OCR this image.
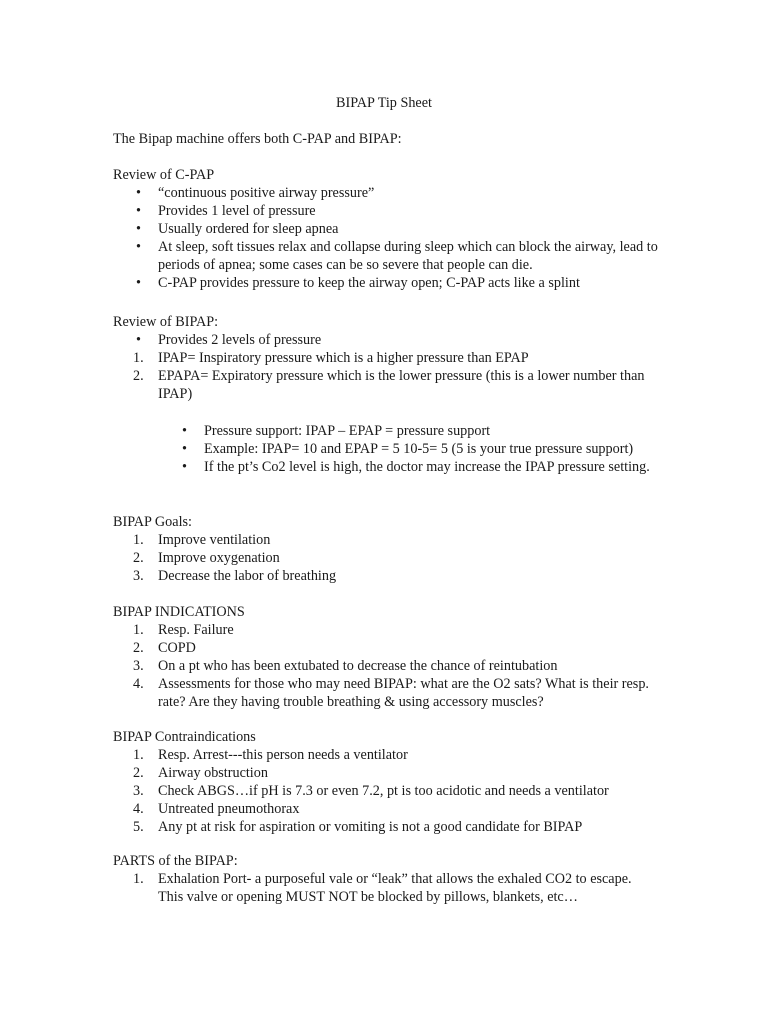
BIPAP Tip Sheet

The Bipap machine offers both C-PAP and BIPAP:

Review of C-PAP

• “continuous positive airway pressure”
• Provides 1 level of pressure
• Usually ordered for sleep apnea
• At sleep, soft tissues relax and collapse during sleep which can block the airway, lead to periods of apnea; some cases can be so severe that people can die.
• C-PAP provides pressure to keep the airway open; C-PAP acts like a splint

Review of BIPAP:

• Provides 2 levels of pressure
1. IPAP= Inspiratory pressure which is a higher pressure than EPAP
2. EPAPA= Expiratory pressure which is the lower pressure (this is a lower number than IPAP)
• Pressure support: IPAP – EPAP = pressure support
• Example: IPAP= 10 and EPAP = 5 10-5= 5 (5 is your true pressure support)
• If the pt’s Co2 level is high, the doctor may increase the IPAP pressure setting.

BIPAP Goals:

1. Improve ventilation
2. Improve oxygenation
3. Decrease the labor of breathing

BIPAP INDICATIONS

1. Resp. Failure
2. COPD
3. On a pt who has been extubated to decrease the chance of reintubation
4. Assessments for those who may need BIPAP: what are the O2 sats? What is their resp. rate? Are they having trouble breathing & using accessory muscles?

BIPAP Contraindications

1. Resp. Arrest---this person needs a ventilator
2. Airway obstruction
3. Check ABGS…if pH is 7.3 or even 7.2, pt is too acidotic and needs a ventilator
4. Untreated pneumothorax
5. Any pt at risk for aspiration or vomiting is not a good candidate for BIPAP

PARTS of the BIPAP:

1. Exhalation Port- a purposeful vale or “leak” that allows the exhaled CO2 to escape. This valve or opening MUST NOT be blocked by pillows, blankets, etc…
